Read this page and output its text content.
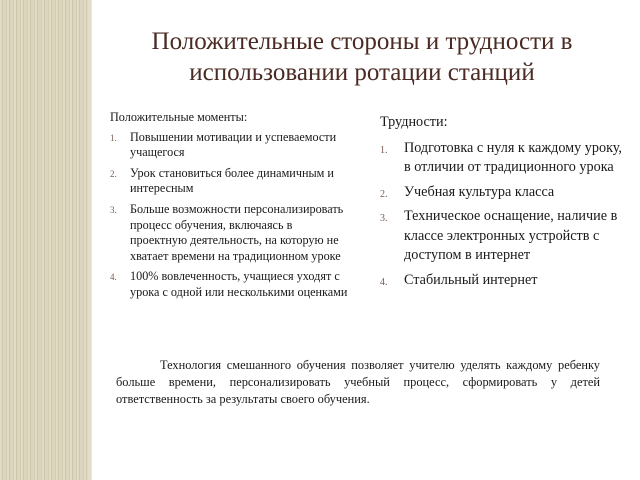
Положительные стороны и трудности в использовании ротации станций

Положительные моменты:

1. Повышении мотивации и успеваемости учащегося
2. Урок становиться более динамичным и интересным
3. Больше возможности персонализировать процесс обучения, включаясь в проектную деятельность, на которую не хватает времени на традиционном уроке
4. 100% вовлеченность, учащиеся уходят с урока с одной или несколькими оценками

Трудности:

1. Подготовка с нуля к каждому уроку, в отличии от традиционного урока
2. Учебная культура класса
3. Техническое оснащение, наличие в классе электронных устройств с доступом в интернет
4. Стабильный интернет

Технология смешанного обучения позволяет учителю уделять каждому ребенку больше времени, персонализировать учебный процесс, сформировать у детей ответственность за результаты своего обучения.
